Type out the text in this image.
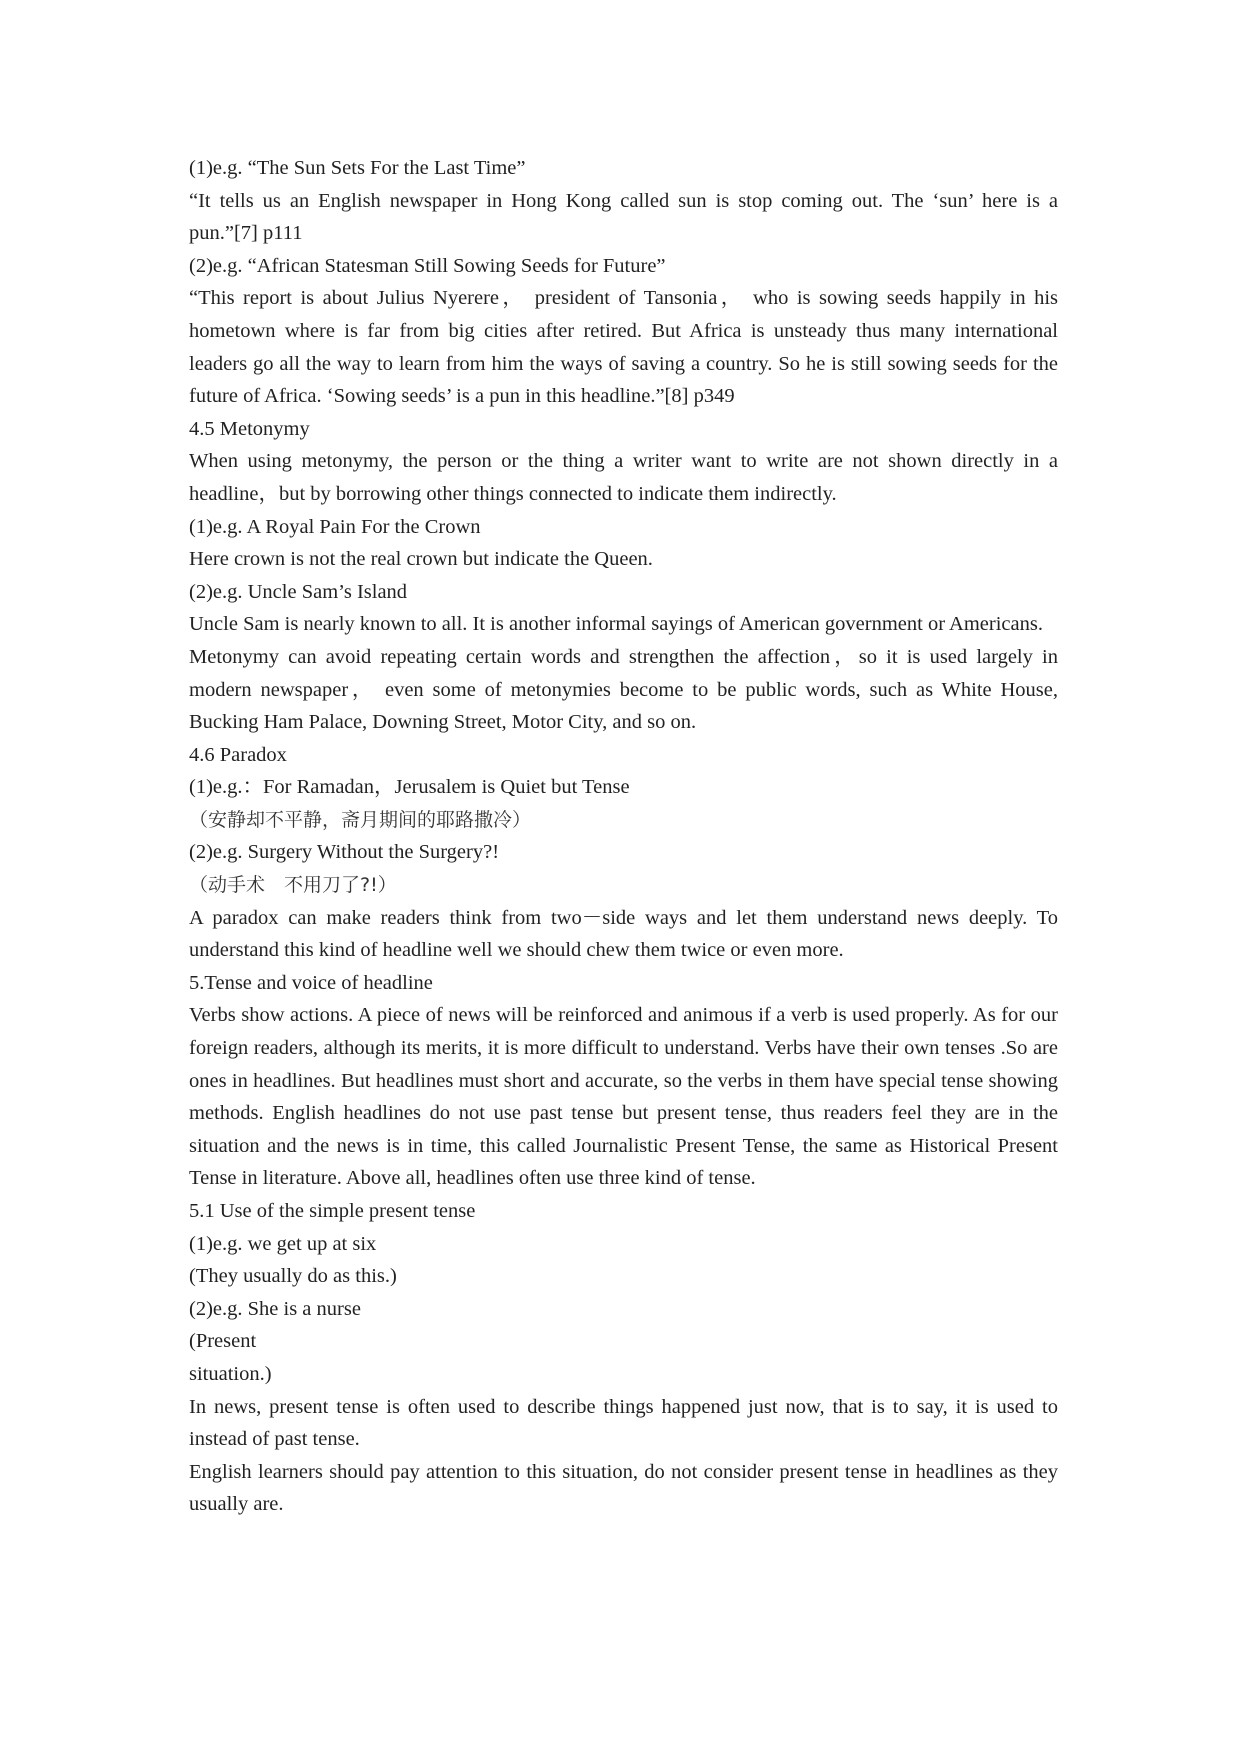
(1)e.g. “The Sun Sets For the Last Time”

“It tells us an English newspaper in Hong Kong called sun is stop coming out. The ‘sun’ here is a pun.”[7] p111

(2)e.g. “African Statesman Still Sowing Seeds for Future”

“This report is about Julius Nyerere， president of Tansonia， who is sowing seeds happily in his hometown where is far from big cities after retired. But Africa is unsteady thus many international leaders go all the way to learn from him the ways of saving a country. So he is still sowing seeds for the future of Africa. ‘Sowing seeds’ is a pun in this headline.”[8] p349

4.5 Metonymy

When using metonymy, the person or the thing a writer want to write are not shown directly in a headline，but by borrowing other things connected to indicate them indirectly.

(1)e.g. A Royal Pain For the Crown

Here crown is not the real crown but indicate the Queen.

(2)e.g. Uncle Sam’s Island

Uncle Sam is nearly known to all. It is another informal sayings of American government or Americans.

Metonymy can avoid repeating certain words and strengthen the affection，so it is used largely in modern newspaper， even some of metonymies become to be public words, such as White House, Bucking Ham Palace, Downing Street, Motor City, and so on.

4.6 Paradox

(1)e.g.：For Ramadan，Jerusalem is Quiet but Tense

（安静却不平静，斋月期间的耶路撒冷）

(2)e.g. Surgery Without the Surgery?!

（动手术　不用刀了?!）

A paradox can make readers think from two－side ways and let them understand news deeply. To understand this kind of headline well we should chew them twice or even more.

5.Tense and voice of headline

Verbs show actions. A piece of news will be reinforced and animous if a verb is used properly. As for our foreign readers, although its merits, it is more difficult to understand. Verbs have their own tenses .So are ones in headlines. But headlines must short and accurate, so the verbs in them have special tense showing methods. English headlines do not use past tense but present tense, thus readers feel they are in the situation and the news is in time, this called Journalistic Present Tense, the same as Historical Present Tense in literature. Above all, headlines often use three kind of tense.

5.1 Use of the simple present tense

(1)e.g. we get up at six

(They usually do as this.)

(2)e.g. She is a nurse

(Present

situation.)

In news, present tense is often used to describe things happened just now, that is to say, it is used to instead of past tense.

English learners should pay attention to this situation, do not consider present tense in headlines as they usually are.
